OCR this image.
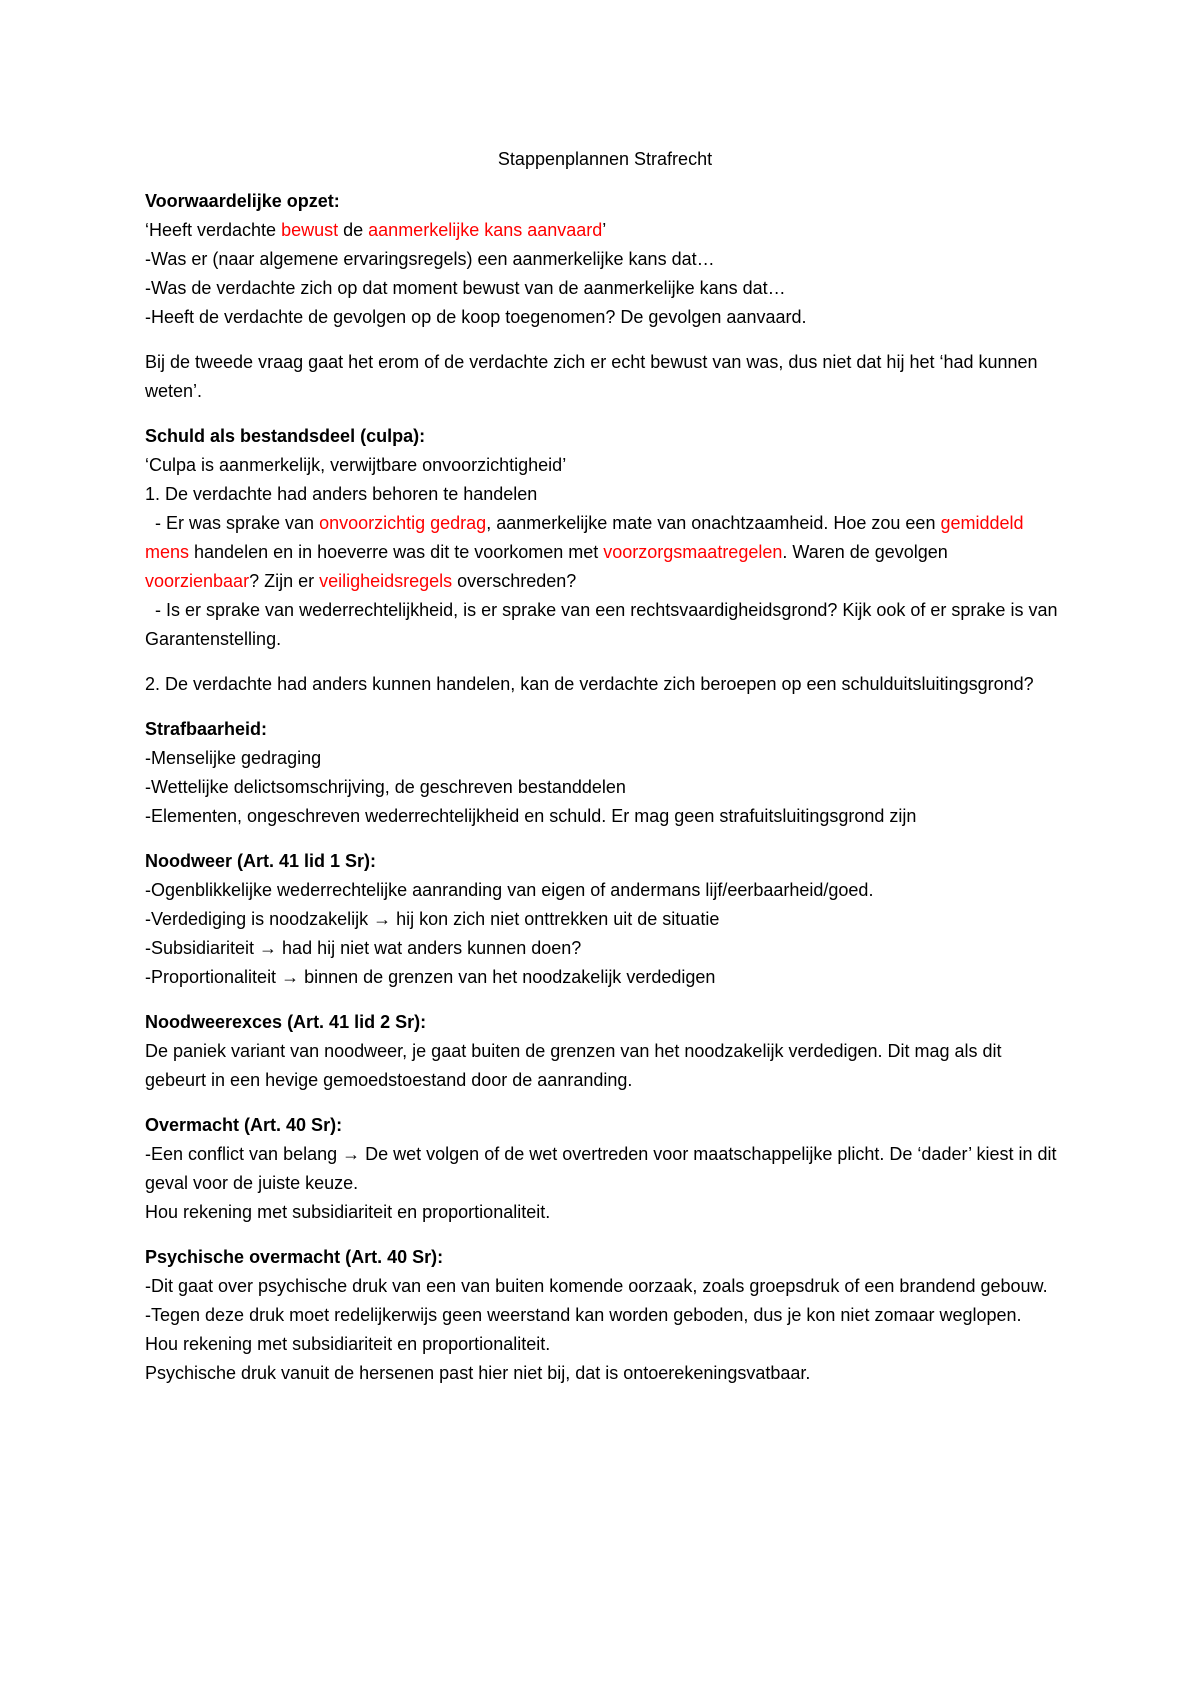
Stappenplannen Strafrecht

Voorwaardelijke opzet:

‘Heeft verdachte bewust de aanmerkelijke kans aanvaard’

-Was er (naar algemene ervaringsregels) een aanmerkelijke kans dat…

-Was de verdachte zich op dat moment bewust van de aanmerkelijke kans dat…

-Heeft de verdachte de gevolgen op de koop toegenomen? De gevolgen aanvaard.

Bij de tweede vraag gaat het erom of de verdachte zich er echt bewust van was, dus niet dat hij het ‘had kunnen weten’.

Schuld als bestandsdeel (culpa):

‘Culpa is aanmerkelijk, verwijtbare onvoorzichtigheid’

1. De verdachte had anders behoren te handelen

- Er was sprake van onvoorzichtig gedrag, aanmerkelijke mate van onachtzaamheid. Hoe zou een gemiddeld mens handelen en in hoeverre was dit te voorkomen met voorzorgsmaatregelen. Waren de gevolgen voorzienbaar? Zijn er veiligheidsregels overschreden?

- Is er sprake van wederrechtelijkheid, is er sprake van een rechtsvaardigheidsgrond? Kijk ook of er sprake is van Garantenstelling.

2. De verdachte had anders kunnen handelen, kan de verdachte zich beroepen op een schulduitsluitingsgrond?

Strafbaarheid:

-Menselijke gedraging

-Wettelijke delictsomschrijving, de geschreven bestanddelen

-Elementen, ongeschreven wederrechtelijkheid en schuld. Er mag geen strafuitsluitingsgrond zijn

Noodweer (Art. 41 lid 1 Sr):

-Ogenblikkelijke wederrechtelijke aanranding van eigen of andermans lijf/eerbaarheid/goed.

-Verdediging is noodzakelijk → hij kon zich niet onttrekken uit de situatie

-Subsidiariteit → had hij niet wat anders kunnen doen?

-Proportionaliteit → binnen de grenzen van het noodzakelijk verdedigen

Noodweerexces (Art. 41 lid 2 Sr):

De paniek variant van noodweer, je gaat buiten de grenzen van het noodzakelijk verdedigen. Dit mag als dit gebeurt in een hevige gemoedstoestand door de aanranding.

Overmacht (Art. 40 Sr):

-Een conflict van belang → De wet volgen of de wet overtreden voor maatschappelijke plicht. De ‘dader’ kiest in dit geval voor de juiste keuze.

Hou rekening met subsidiariteit en proportionaliteit.

Psychische overmacht (Art. 40 Sr):

-Dit gaat over psychische druk van een van buiten komende oorzaak, zoals groepsdruk of een brandend gebouw.

-Tegen deze druk moet redelijkerwijs geen weerstand kan worden geboden, dus je kon niet zomaar weglopen.

Hou rekening met subsidiariteit en proportionaliteit.

Psychische druk vanuit de hersenen past hier niet bij, dat is ontoerekeningsvatbaar.
